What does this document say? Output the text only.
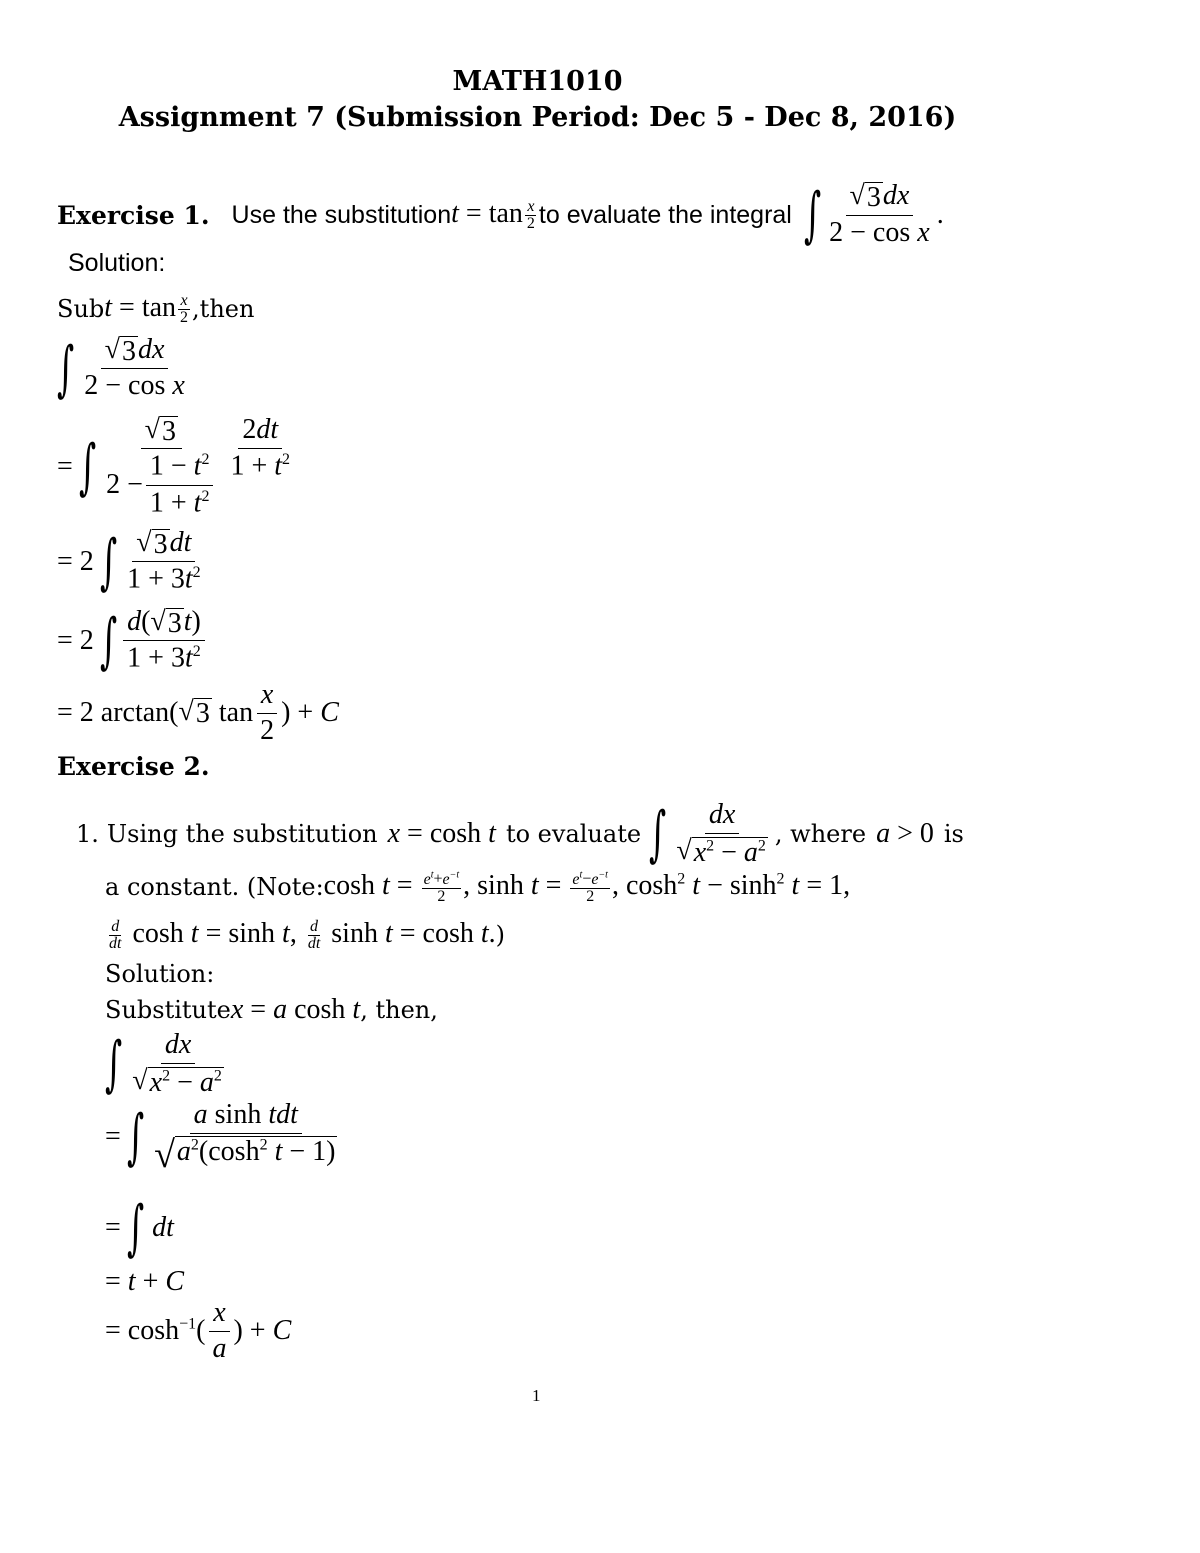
MATH1010
Assignment 7 (Submission Period: Dec 5 - Dec 8, 2016)
Exercise 1. Use the substitution $t = \tan \frac{x}{2}$ to evaluate the integral ∫ $\frac{√ 3 dx}{\text{2 − cos x}}$ .
Solution:
Sub $t = \tan \frac{x}{2}$ ,then
∫ $\frac{√ 3 dx}{\text{2 − cos x}}$
= ∫ $\frac{√ 3}{2 - \frac{1 - t^2}{1 + t^2}} \frac{2dt}{1 + t^2}$
= 2 ∫ $\frac{√ 3 dt}{1 + 3t^2}$
= 2 ∫ $\frac{d( √ 3 t)}{1 + 3t^2}$
= 2 arctan( √ 3 $\tan \frac{x}{2}$ ) + C
Exercise 2.
1. Using the substitution x = cosh t to evaluate ∫ $\frac{dx}{√ x^2 - a^2}$ , where a > 0 is
a constant. (Note: $\cosh t = \frac{e^t+e^{-t}}{2}$ , $\sinh t = \frac{e^t-e^{-t}}{2}$ , $\cosh^2 t - \sinh^2 t = 1$,
$\frac{d}{dt}$ cosh t = sinh t, $\frac{d}{dt}$ sinh t = cosh t. )
Solution:
Substitute x = a cosh t , then,
∫ $\frac{dx}{√ x^2 - a^2}$
= ∫ $\frac{\text{a sinh tdt}}{√ a^2(\cosh^2 t - 1)}$
= ∫ dt
= t + C
= $\cosh^{-1}( \frac{x}{a}$ ) + C
1
